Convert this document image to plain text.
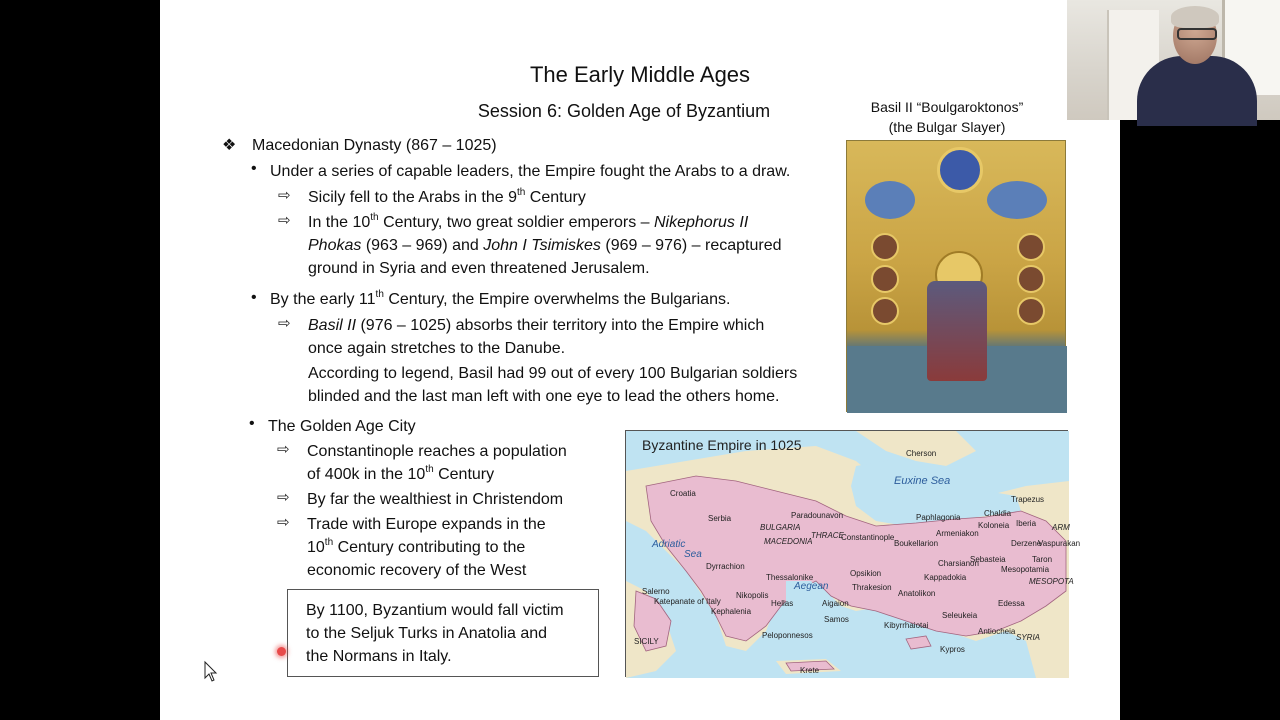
The Early Middle Ages
Session 6: Golden Age of Byzantium
❖ Macedonian Dynasty (867 – 1025)
• Under a series of capable leaders, the Empire fought the Arabs to a draw.
⇨ Sicily fell to the Arabs in the 9th Century
⇨ In the 10th Century, two great soldier emperors – Nikephorus II
Phokas (963 – 969) and John I Tsimiskes (969 – 976) – recaptured
ground in Syria and even threatened Jerusalem.
• By the early 11th Century, the Empire overwhelms the Bulgarians.
⇨ Basil II (976 – 1025) absorbs their territory into the Empire which
once again stretches to the Danube.
According to legend, Basil had 99 out of every 100 Bulgarian soldiers
blinded and the last man left with one eye to lead the others home.
• The Golden Age City
⇨ Constantinople reaches a population
of 400k in the 10th Century
⇨ By far the wealthiest in Christendom
⇨ Trade with Europe expands in the
10th Century contributing to the
economic recovery of the West
By 1100, Byzantium would fall victim
to the Seljuk Turks in Anatolia and
the Normans in Italy.
Basil II “Boulgaroktonos”
(the Bulgar Slayer)
Byzantine Empire in 1025
Cherson
Euxine Sea
Croatia
Serbia	Paradounavon
BULGARIA
Adriatic
Sea
MACEDONIA	Constantinople
THRACE
Paphlagonia	Chaldia
Koloneia
Armeniakon
Boukellarion
Charsianon
Sebasteia
Opsikion	Kappadokia
Anatolikon
Thrakesion
Dyrrachion
Thessalonike
Nikopolis
Hellas
Kephalenia
Peloponnesos
Aigaion
Samos
Aegean
SICILY
Salerno
Katepanate of Italy
Kibyrrhaiotai
Seleukeia
Antiocheia
SYRIA
Kypros
Krete
Mesopotamia
Iberia
Taron
Vaspurakan
Edessa
Derzene
ARM
MESOPOTA
Trapezus
